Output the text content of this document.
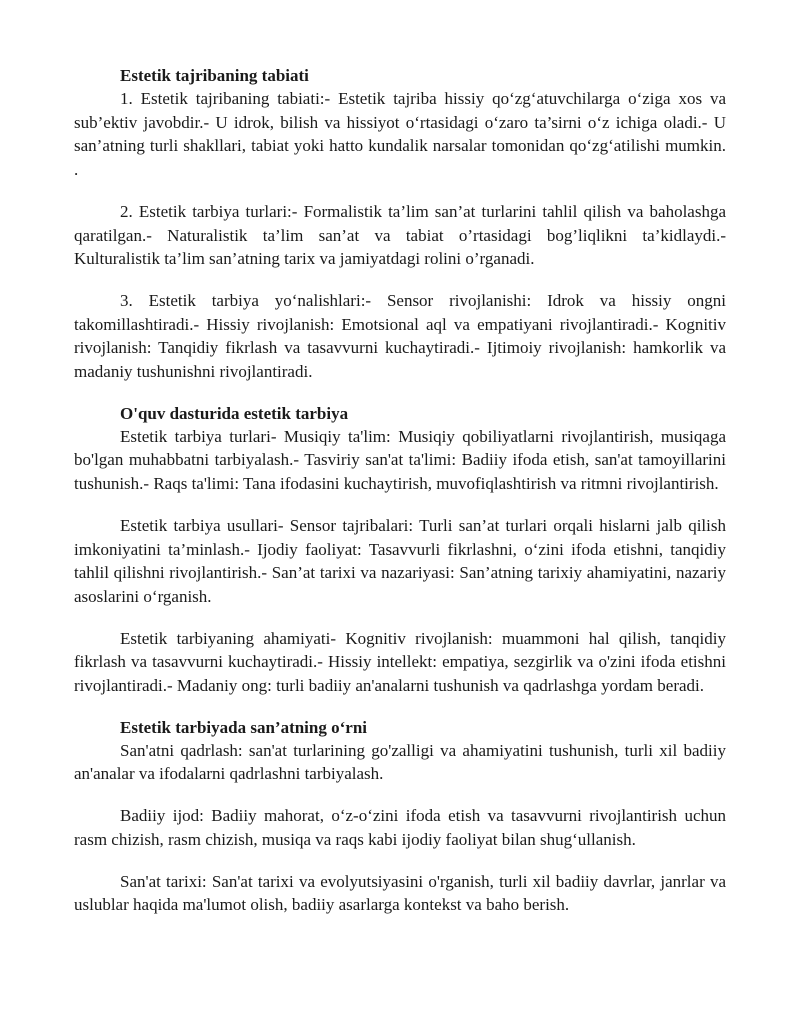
Estetik tajribaning tabiati

1. Estetik tajribaning tabiati:- Estetik tajriba hissiy qo‘zg‘atuvchilarga o‘ziga xos va sub’ektiv javobdir.- U idrok, bilish va hissiyot o‘rtasidagi o‘zaro ta’sirni o‘z ichiga oladi.- U san’atning turli shakllari, tabiat yoki hatto kundalik narsalar tomonidan qo‘zg‘atilishi mumkin. .

2. Estetik tarbiya turlari:- Formalistik ta’lim san’at turlarini tahlil qilish va baholashga qaratilgan.- Naturalistik ta’lim san’at va tabiat o’rtasidagi bog’liqlikni ta’kidlaydi.- Kulturalistik ta’lim san’atning tarix va jamiyatdagi rolini o’rganadi.

3. Estetik tarbiya yo‘nalishlari:- Sensor rivojlanishi: Idrok va hissiy ongni takomillashtiradi.- Hissiy rivojlanish: Emotsional aql va empatiyani rivojlantiradi.- Kognitiv rivojlanish: Tanqidiy fikrlash va tasavvurni kuchaytiradi.- Ijtimoiy rivojlanish: hamkorlik va madaniy tushunishni rivojlantiradi.

O'quv dasturida estetik tarbiya

Estetik tarbiya turlari- Musiqiy ta'lim: Musiqiy qobiliyatlarni rivojlantirish, musiqaga bo'lgan muhabbatni tarbiyalash.- Tasviriy san'at ta'limi: Badiiy ifoda etish, san'at tamoyillarini tushunish.- Raqs ta'limi: Tana ifodasini kuchaytirish, muvofiqlashtirish va ritmni rivojlantirish.

Estetik tarbiya usullari- Sensor tajribalari: Turli san’at turlari orqali hislarni jalb qilish imkoniyatini ta’minlash.- Ijodiy faoliyat: Tasavvurli fikrlashni, o‘zini ifoda etishni, tanqidiy tahlil qilishni rivojlantirish.- San’at tarixi va nazariyasi: San’atning tarixiy ahamiyatini, nazariy asoslarini o‘rganish.

Estetik tarbiyaning ahamiyati- Kognitiv rivojlanish: muammoni hal qilish, tanqidiy fikrlash va tasavvurni kuchaytiradi.- Hissiy intellekt: empatiya, sezgirlik va o'zini ifoda etishni rivojlantiradi.- Madaniy ong: turli badiiy an'analarni tushunish va qadrlashga yordam beradi.

Estetik tarbiyada san’atning o‘rni

San'atni qadrlash: san'at turlarining go'zalligi va ahamiyatini tushunish, turli xil badiiy an'analar va ifodalarni qadrlashni tarbiyalash.

Badiiy ijod: Badiiy mahorat, o‘z-o‘zini ifoda etish va tasavvurni rivojlantirish uchun rasm chizish, rasm chizish, musiqa va raqs kabi ijodiy faoliyat bilan shug‘ullanish.

San'at tarixi: San'at tarixi va evolyutsiyasini o'rganish, turli xil badiiy davrlar, janrlar va uslublar haqida ma'lumot olish, badiiy asarlarga kontekst va baho berish.
